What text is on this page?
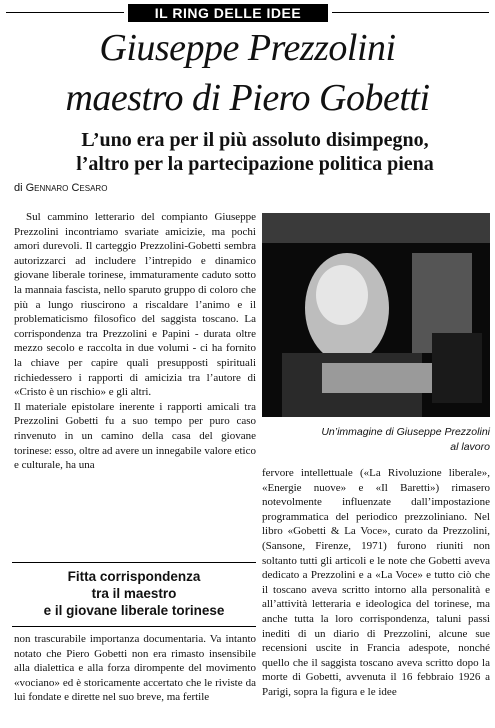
IL RING DELLE IDEE
Giuseppe Prezzolini
maestro di Piero Gobetti
L’uno era per il più assoluto disimpegno,
l’altro per la partecipazione politica piena
di Gennaro Cesaro

Sul cammino letterario del compianto Giuseppe Prezzolini incontriamo svariate amicizie, ma pochi amori durevoli. Il carteggio Prezzolini-Gobetti sembra autorizzarci ad includere l’intrepido e dinamico giovane liberale torinese, immaturamente caduto sotto la mannaia fascista, nello sparuto gruppo di coloro che più a lungo riuscirono a riscaldare l’animo e il problematicismo filosofico del saggista toscano. La corrispondenza tra Prezzolini e Papini - durata oltre mezzo secolo e raccolta in due volumi - ci ha fornito la chiave per capire quali presupposti spirituali richiedessero i rapporti di amicizia tra l’autore di «Cristo è un rischio» e gli altri.

Il materiale epistolare inerente i rapporti amicali tra Prezzolini Gobetti fu a suo tempo per puro caso rinvenuto in un camino della casa del giovane torinese: esso, oltre ad avere un innegabile valore etico e culturale, ha una

Fitta corrispondenza
tra il maestro
e il giovane liberale torinese

non trascurabile importanza documentaria. Va intanto notato che Piero Gobetti non era rimasto insensibile alla dialettica e alla forza dirompente del movimento «vociano» ed è storicamente accertato che le riviste da lui fondate e dirette nel suo breve, ma fertile

Un’immagine di Giuseppe Prezzolini
al lavoro

fervore intellettuale («La Rivoluzione liberale», «Energie nuove» e «Il Baretti») rimasero notevolmente influenzate dall’impostazione programmatica del periodico prezzoliniano. Nel libro «Gobetti & La Voce», curato da Prezzolini, (Sansone, Firenze, 1971) furono riuniti non soltanto tutti gli articoli e le note che Gobetti aveva dedicato a Prezzolini e a «La Voce» e tutto ciò che il toscano aveva scritto intorno alla personalità e all’attività letteraria e ideologica del torinese, ma anche tutta la loro corrispondenza, taluni passi inediti di un diario di Prezzolini, alcune sue recensioni uscite in Francia adespote, nonché quello che il saggista toscano aveva scritto dopo la morte di Gobetti, avvenuta il 16 febbraio 1926 a Parigi, sopra la figura e le idee
